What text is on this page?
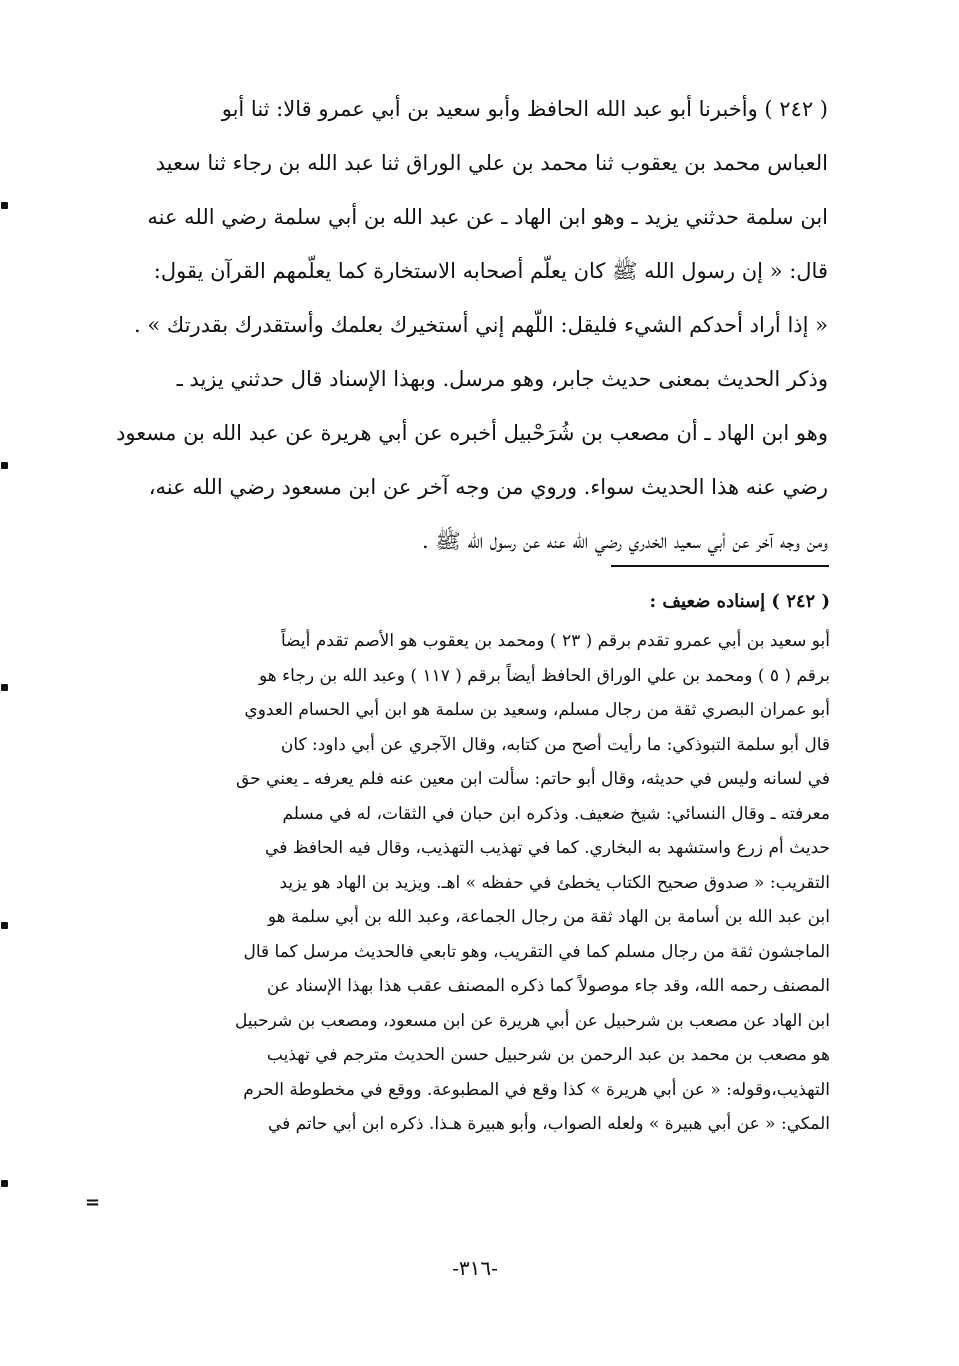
( ٢٤٢ ) وأخبرنا أبو عبد الله الحافظ وأبو سعيد بن أبي عمرو قالا: ثنا أبو
العباس محمد بن يعقوب ثنا محمد بن علي الوراق ثنا عبد الله بن رجاء ثنا سعيد
ابن سلمة حدثني يزيد ـ وهو ابن الهاد ـ عن عبد الله بن أبي سلمة رضي الله عنه
قال: « إن رسول الله ﷺ كان يعلّم أصحابه الاستخارة كما يعلّمهم القرآن يقول:
« إذا أراد أحدكم الشيء فليقل: اللّهم إني أستخيرك بعلمك وأستقدرك بقدرتك » .
وذكر الحديث بمعنى حديث جابر، وهو مرسل. وبهذا الإسناد قال حدثني يزيد ـ
وهو ابن الهاد ـ أن مصعب بن شُرَحْبيل أخبره عن أبي هريرة عن عبد الله بن مسعود
رضي عنه هذا الحديث سواء. وروي من وجه آخر عن ابن مسعود رضي الله عنه،
ومن وجه آخر عن أبي سعيد الخدري رضي الله عنه عن رسول الله ﷺ .
( ٢٤٢ ) إسناده ضعيف :
أبو سعيد بن أبي عمرو تقدم برقم ( ٢٣ ) ومحمد بن يعقوب هو الأصم تقدم أيضاً
برقم ( ٥ ) ومحمد بن علي الوراق الحافظ أيضاً برقم ( ١١٧ ) وعبد الله بن رجاء هو
أبو عمران البصري ثقة من رجال مسلم، وسعيد بن سلمة هو ابن أبي الحسام العدوي
قال أبو سلمة التبوذكي: ما رأيت أصح من كتابه، وقال الآجري عن أبي داود: كان
في لسانه وليس في حديثه، وقال أبو حاتم: سألت ابن معين عنه فلم يعرفه ـ يعني حق
معرفته ـ وقال النسائي: شيخ ضعيف. وذكره ابن حبان في الثقات، له في مسلم
حديث أم زرع واستشهد به البخاري. كما في تهذيب التهذيب، وقال فيه الحافظ في
التقريب: « صدوق صحيح الكتاب يخطئ في حفظه » اهـ. ويزيد بن الهاد هو يزيد
ابن عبد الله بن أسامة بن الهاد ثقة من رجال الجماعة، وعبد الله بن أبي سلمة هو
الماجشون ثقة من رجال مسلم كما في التقريب، وهو تابعي فالحديث مرسل كما قال
المصنف رحمه الله، وقد جاء موصولاً كما ذكره المصنف عقب هذا بهذا الإسناد عن
ابن الهاد عن مصعب بن شرحبيل عن أبي هريرة عن ابن مسعود، ومصعب بن شرحبيل
هو مصعب بن محمد بن عبد الرحمن بن شرحبيل حسن الحديث مترجم في تهذيب
التهذيب،وقوله: « عن أبي هريرة » كذا وقع في المطبوعة. ووقع في مخطوطة الحرم
المكي: « عن أبي هبيرة » ولعله الصواب، وأبو هبيرة هـذا. ذكره ابن أبي حاتم في
=
-٣١٦-
